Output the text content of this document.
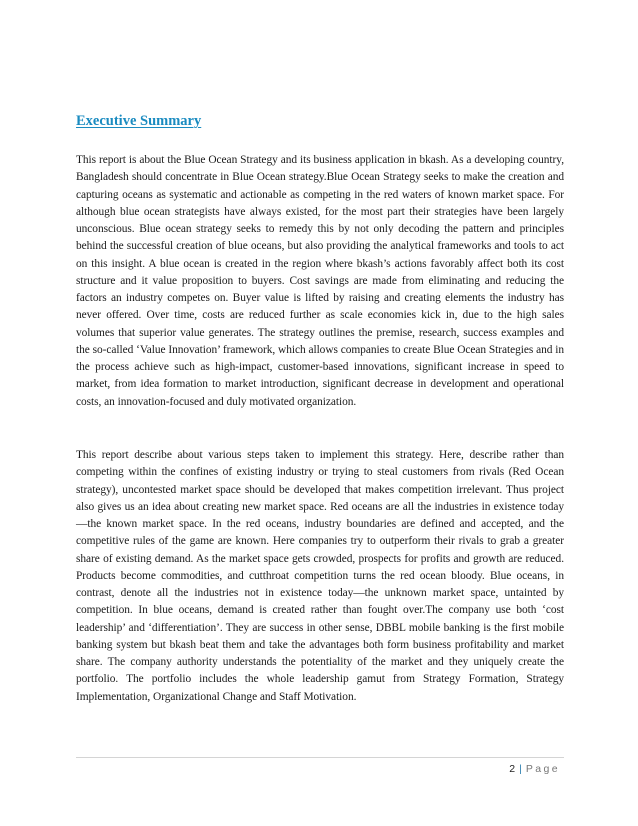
Executive Summary

This report is about the Blue Ocean Strategy and its business application in bkash. As a developing country, Bangladesh should concentrate in Blue Ocean strategy.Blue Ocean Strategy seeks to make the creation and capturing oceans as systematic and actionable as competing in the red waters of known market space. For although blue ocean strategists have always existed, for the most part their strategies have been largely unconscious. Blue ocean strategy seeks to remedy this by not only decoding the pattern and principles behind the successful creation of blue oceans, but also providing the analytical frameworks and tools to act on this insight. A blue ocean is created in the region where bkash’s actions favorably affect both its cost structure and it value proposition to buyers. Cost savings are made from eliminating and reducing the factors an industry competes on. Buyer value is lifted by raising and creating elements the industry has never offered. Over time, costs are reduced further as scale economies kick in, due to the high sales volumes that superior value generates. The strategy outlines the premise, research, success examples and the so-called ‘Value Innovation’ framework, which allows companies to create Blue Ocean Strategies and in the process achieve such as high-impact, customer-based innovations, significant increase in speed to market, from idea formation to market introduction, significant decrease in development and operational costs, an innovation-focused and duly motivated organization.

This report describe about various steps taken to implement this strategy. Here, describe rather than competing within the confines of existing industry or trying to steal customers from rivals (Red Ocean strategy), uncontested market space should be developed that makes competition irrelevant. Thus project also gives us an idea about creating new market space. Red oceans are all the industries in existence today—the known market space. In the red oceans, industry boundaries are defined and accepted, and the competitive rules of the game are known. Here companies try to outperform their rivals to grab a greater share of existing demand. As the market space gets crowded, prospects for profits and growth are reduced. Products become commodities, and cutthroat competition turns the red ocean bloody. Blue oceans, in contrast, denote all the industries not in existence today—the unknown market space, untainted by competition. In blue oceans, demand is created rather than fought over.The company use both ‘cost leadership’ and ‘differentiation’. They are success in other sense, DBBL mobile banking is the first mobile banking system but bkash beat them and take the advantages both form business profitability and market share. The company authority understands the potentiality of the market and they uniquely create the portfolio. The portfolio includes the whole leadership gamut from Strategy Formation, Strategy Implementation, Organizational Change and Staff Motivation.

2 | Page
